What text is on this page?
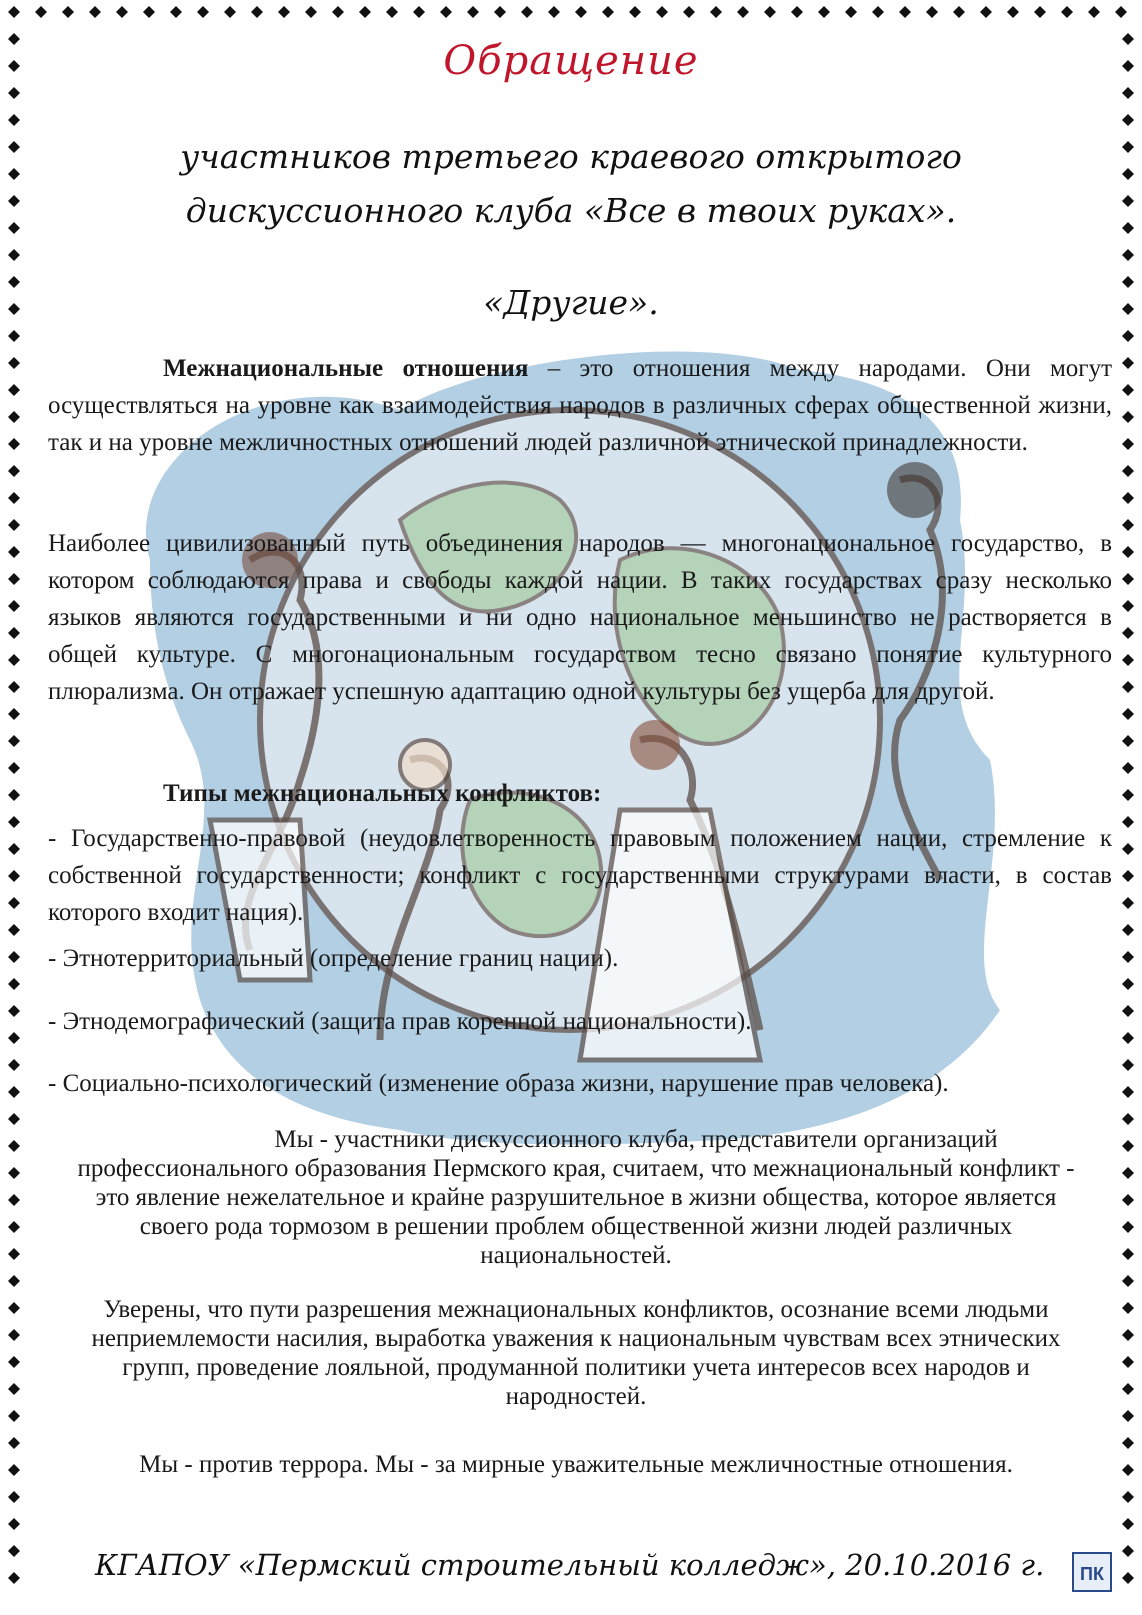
Обращение
участников третьего краевого открытого
дискуссионного клуба «Все в твоих руках».
«Другие».

Межнациональные отношения – это отношения между народами. Они могут осуществляться на уровне как взаимодействия народов в различных сферах общественной жизни, так и на уровне межличностных отношений людей различной этнической принадлежности.

Наиболее цивилизованный путь объединения народов — многонациональное государство, в котором соблюдаются права и свободы каждой нации. В таких государствах сразу несколько языков являются государственными и ни одно национальное меньшинство не растворяется в общей культуре. С многонациональным государством тесно связано понятие культурного плюрализма. Он отражает успешную адаптацию одной культуры без ущерба для другой.

Типы межнациональных конфликтов:
- Государственно-правовой (неудовлетворенность правовым положением нации, стремление к собственной государственности; конфликт с государственными структурами власти, в состав которого входит нация).
- Этнотерриториальный (определение границ нации).
- Этнодемографический (защита прав коренной национальности).
- Социально-психологический (изменение образа жизни, нарушение прав человека).
Мы - участники дискуссионного клуба, представители организаций профессионального образования Пермского края, считаем, что межнациональный конфликт - это явление нежелательное и крайне разрушительное в жизни общества, которое является своего рода тормозом в решении проблем общественной жизни людей различных национальностей.
Уверены, что пути разрешения межнациональных конфликтов, осознание всеми людьми неприемлемости насилия, выработка уважения к национальным чувствам всех этнических групп, проведение лояльной, продуманной политики учета интересов всех народов и народностей.
Мы - против террора. Мы - за мирные уважительные межличностные отношения.
КГАПОУ «Пермский строительный колледж», 20.10.2016 г. ПК
